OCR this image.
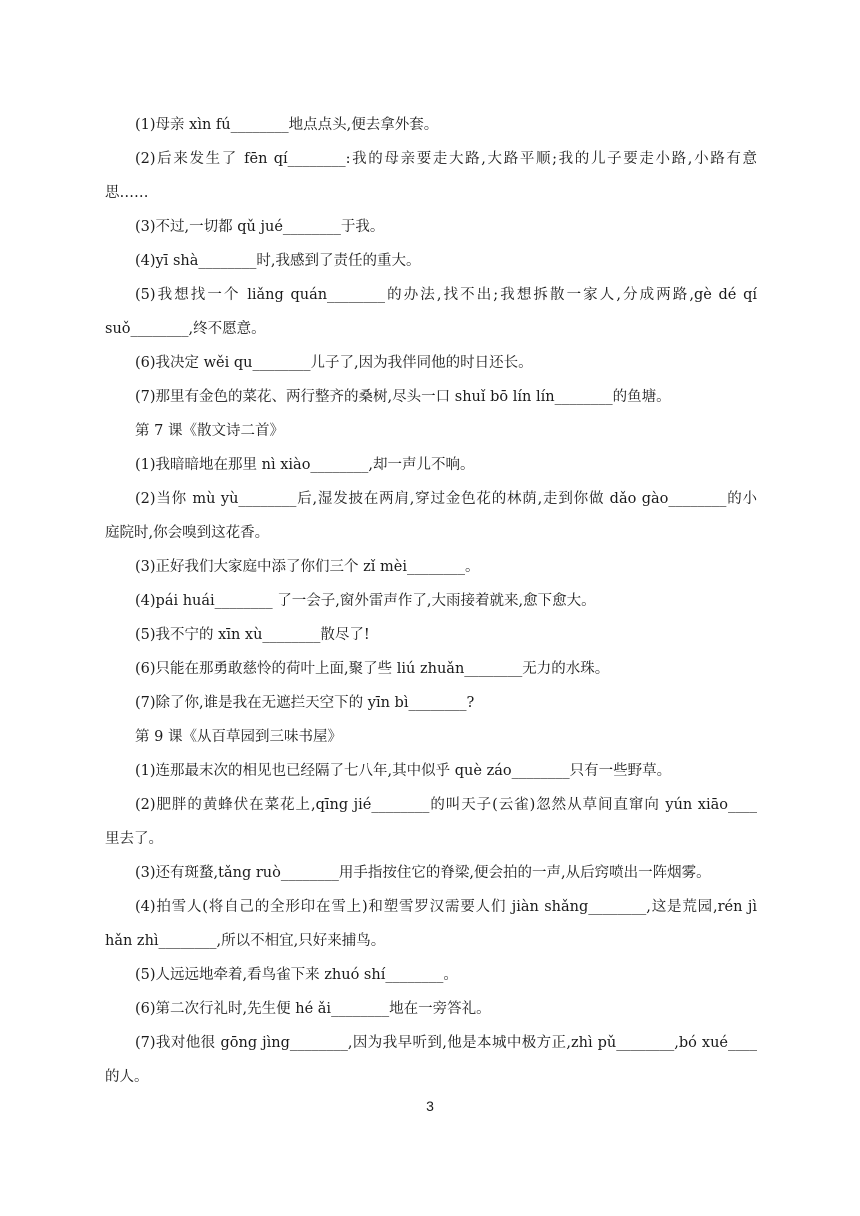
(1)母亲 xìn fú________地点点头,便去拿外套。
(2)后来发生了 fēn qí________:我的母亲要走大路,大路平顺;我的儿子要走小路,小路有意
思……
(3)不过,一切都 qǔ jué________于我。
(4)yī shà________时,我感到了责任的重大。
(5)我想找一个 liǎng quán________的办法,找不出;我想拆散一家人,分成两路,gè dé qí
suǒ________,终不愿意。
(6)我决定 wěi qu________儿子了,因为我伴同他的时日还长。
(7)那里有金色的菜花、两行整齐的桑树,尽头一口 shuǐ bō lín lín________的鱼塘。
第 7 课《散文诗二首》
(1)我暗暗地在那里 nì xiào________,却一声儿不响。
(2)当你 mù yù________后,湿发披在两肩,穿过金色花的林荫,走到你做 dǎo gào________的小
庭院时,你会嗅到这花香。
(3)正好我们大家庭中添了你们三个 zǐ mèi________。
(4)pái huái________ 了一会子,窗外雷声作了,大雨接着就来,愈下愈大。
(5)我不宁的 xīn xù________散尽了!
(6)只能在那勇敢慈怜的荷叶上面,聚了些 liú zhuǎn________无力的水珠。
(7)除了你,谁是我在无遮拦天空下的 yīn bì________?
第 9 课《从百草园到三味书屋》
(1)连那最末次的相见也已经隔了七八年,其中似乎 què záo________只有一些野草。
(2)肥胖的黄蜂伏在菜花上,qīng jié________的叫天子(云雀)忽然从草间直窜向 yún xiāo____
里去了。
(3)还有斑蝥,tǎng ruò________用手指按住它的脊梁,便会拍的一声,从后窍喷出一阵烟雾。
(4)拍雪人(将自己的全形印在雪上)和塑雪罗汉需要人们 jiàn shǎng________,这是荒园,rén jì
hǎn zhì________,所以不相宜,只好来捕鸟。
(5)人远远地牵着,看鸟雀下来 zhuó shí________。
(6)第二次行礼时,先生便 hé ǎi________地在一旁答礼。
(7)我对他很 gōng jìng________,因为我早听到,他是本城中极方正,zhì pǔ________,bó xué____
的人。
3
